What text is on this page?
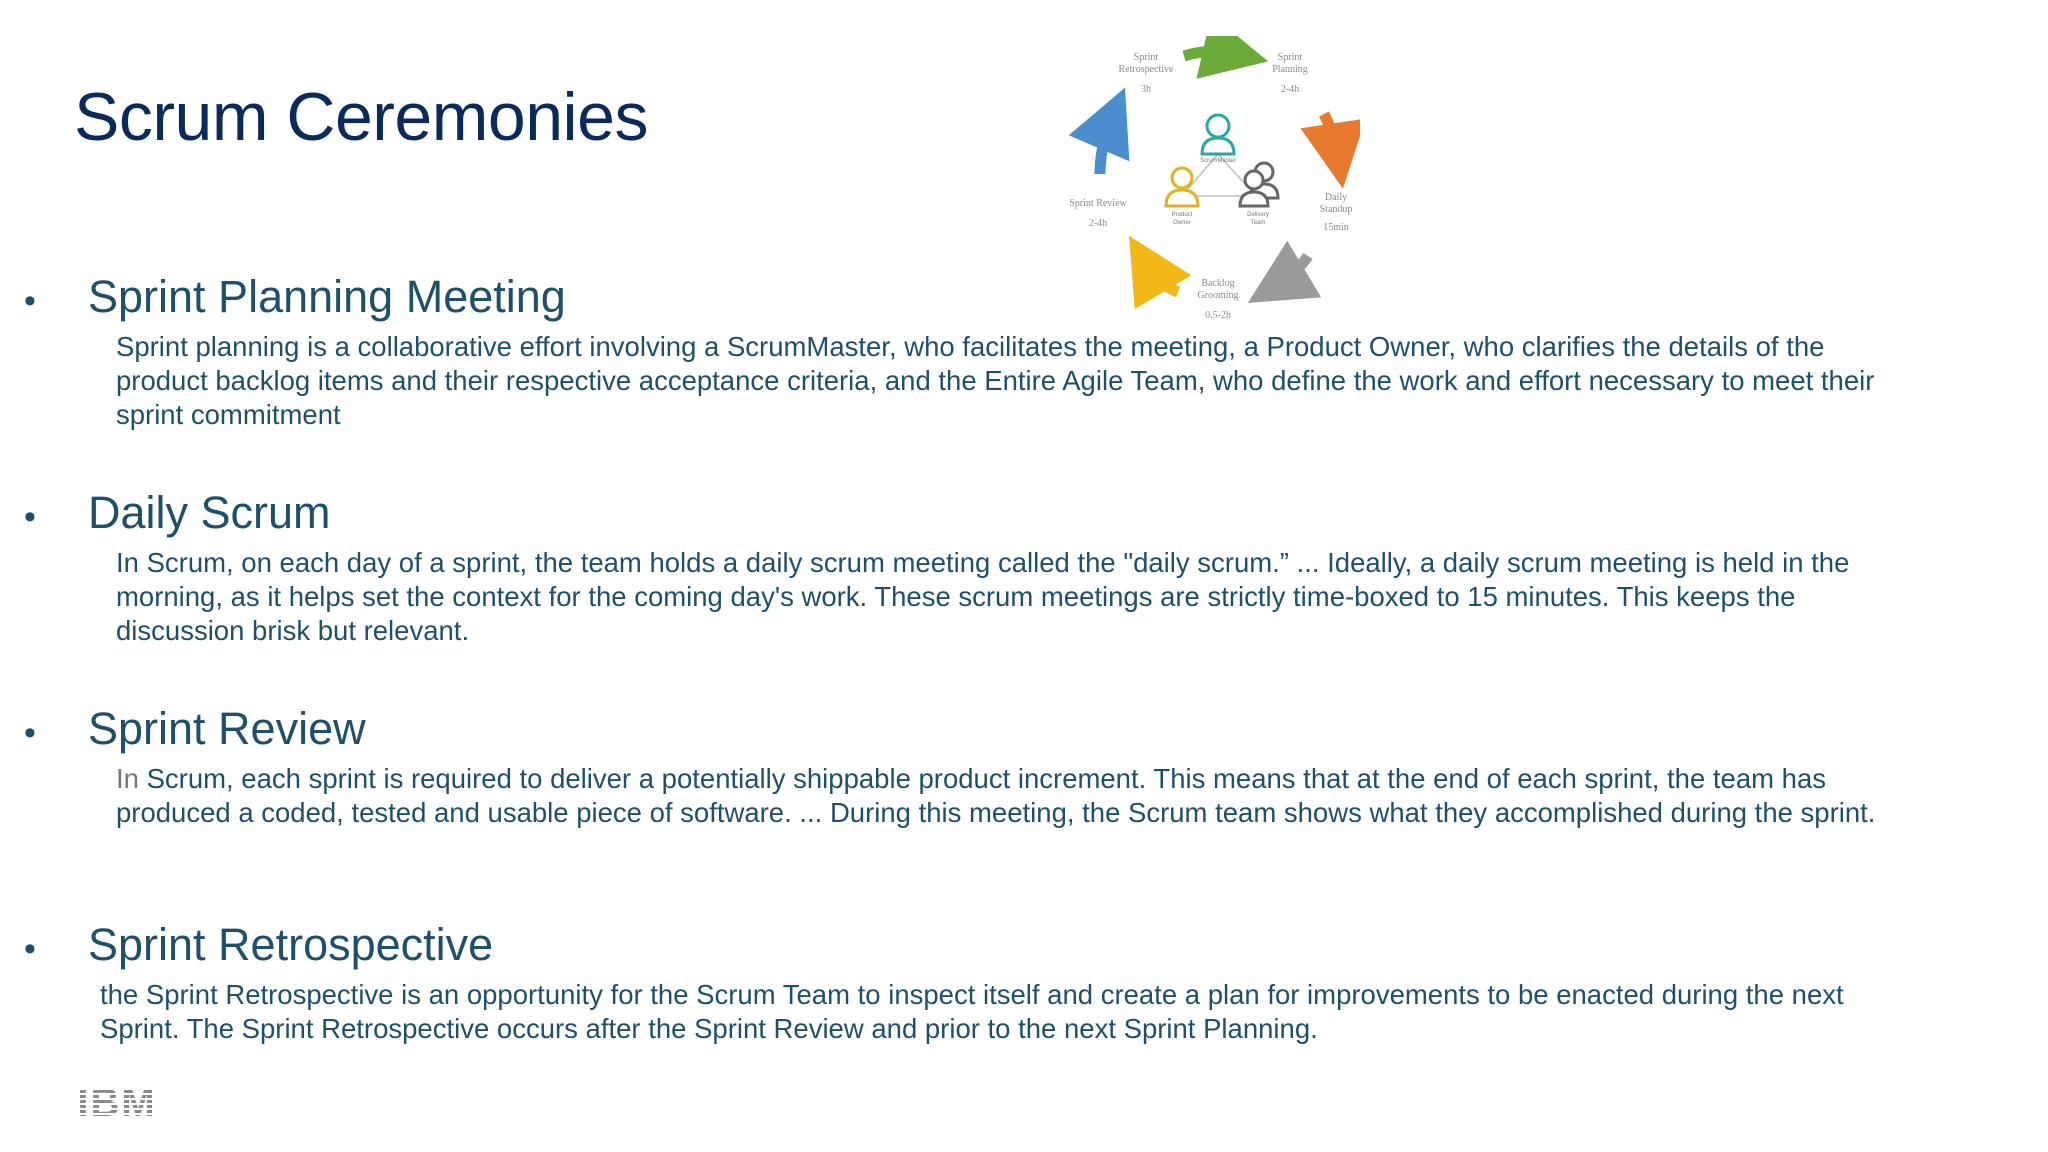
Scrum Ceremonies
Sprint
Retrospective
3h
Sprint
Planning
2-4h
Daily
Standup
15min
Backlog
Grooming
0.5-2h
Sprint Review
2-4h
ScrumMaster
Product
Owner
Delivery
Team
• Sprint Planning Meeting
Sprint planning is a collaborative effort involving a ScrumMaster, who facilitates the meeting, a Product Owner, who clarifies the details of the product backlog items and their respective acceptance criteria, and the Entire Agile Team, who define the work and effort necessary to meet their sprint commitment
• Daily Scrum
In Scrum, on each day of a sprint, the team holds a daily scrum meeting called the "daily scrum.” ... Ideally, a daily scrum meeting is held in the morning, as it helps set the context for the coming day's work. These scrum meetings are strictly time-boxed to 15 minutes. This keeps the discussion brisk but relevant.
• Sprint Review
In Scrum, each sprint is required to deliver a potentially shippable product increment. This means that at the end of each sprint, the team has produced a coded, tested and usable piece of software. ... During this meeting, the Scrum team shows what they accomplished during the sprint.
• Sprint Retrospective
the Sprint Retrospective is an opportunity for the Scrum Team to inspect itself and create a plan for improvements to be enacted during the next Sprint. The Sprint Retrospective occurs after the Sprint Review and prior to the next Sprint Planning.
IBM
